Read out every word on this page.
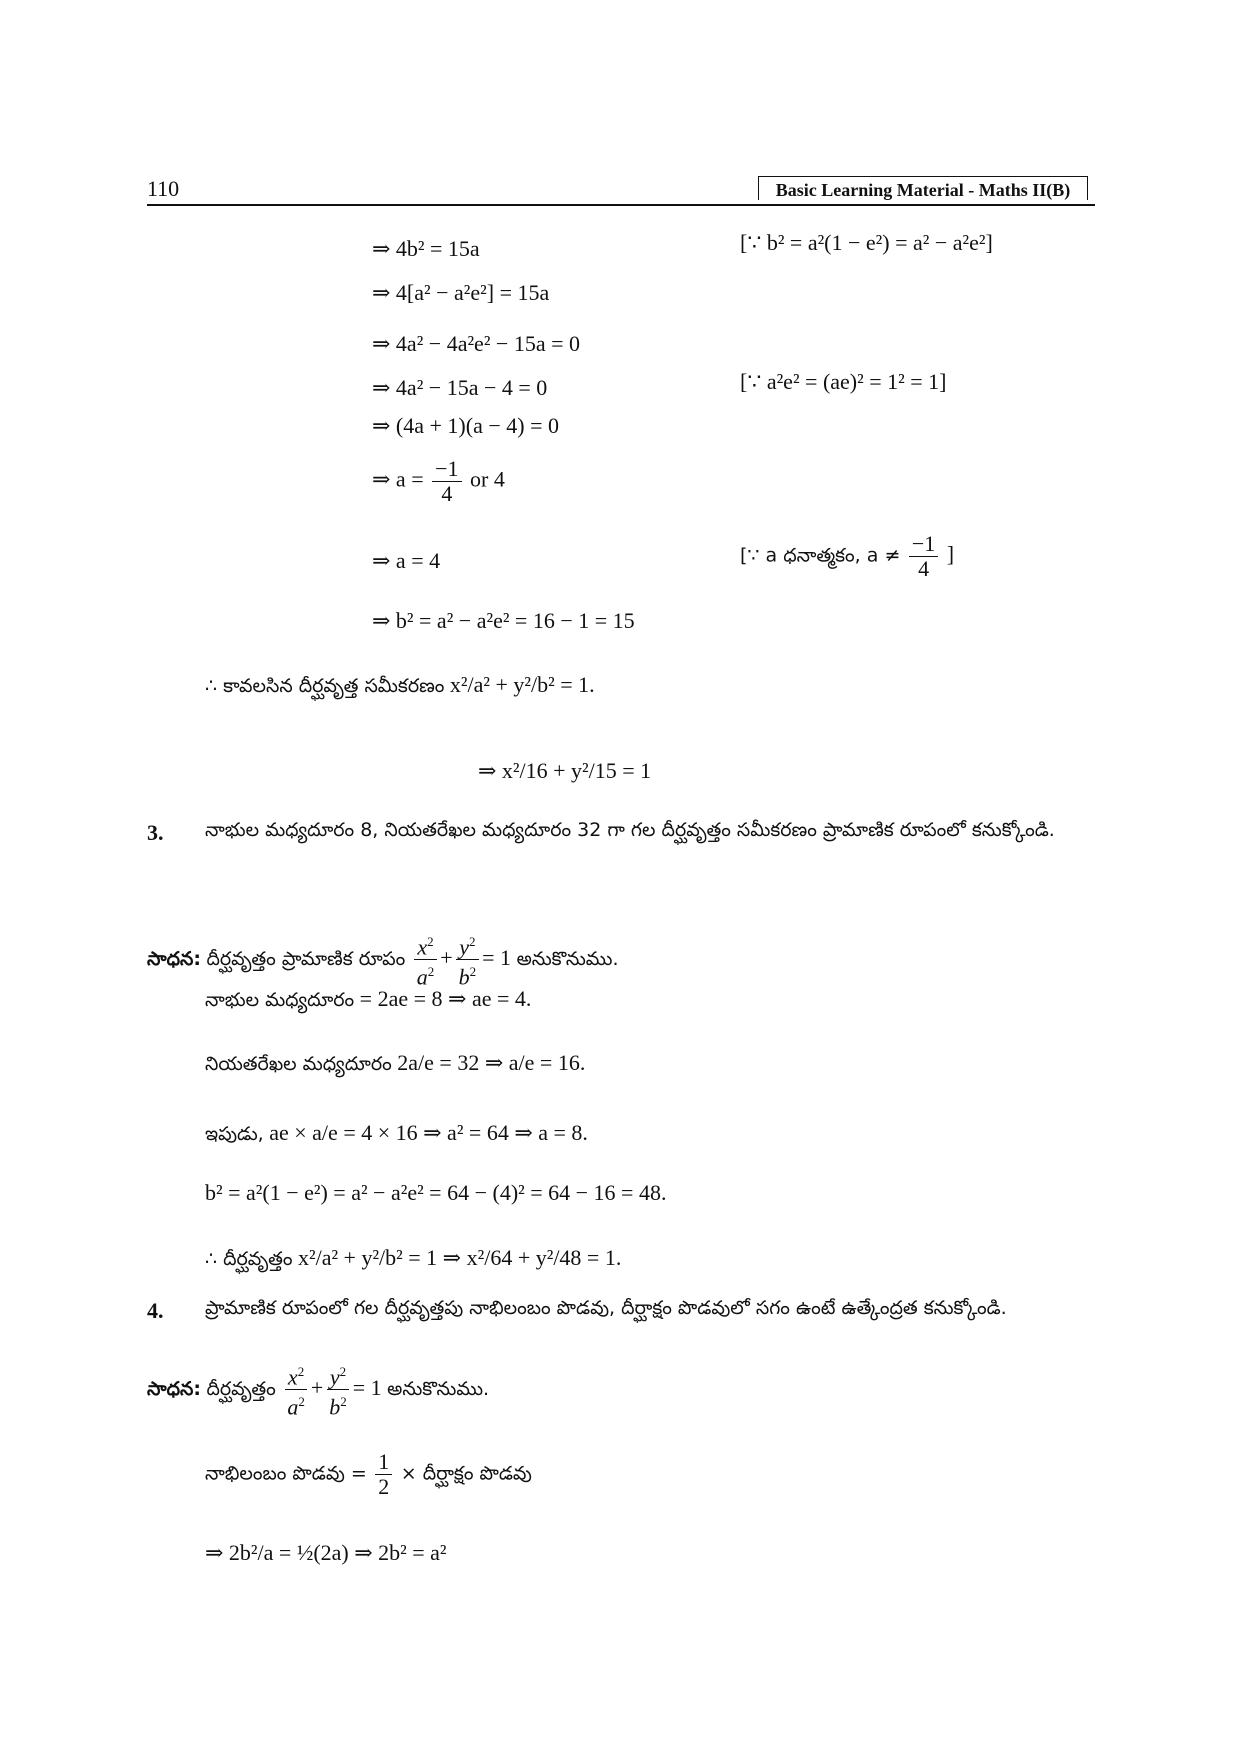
110	Basic Learning Material - Maths II(B)
⇒ 4b² = 15a	[∵ b² = a²(1 − e²) = a² − a²e²]
⇒ 4[a² − a²e²] = 15a
⇒ 4a² − 4a²e² − 15a = 0
⇒ 4a² − 15a − 4 = 0	[∵ a²e² = (ae)² = 1² = 1]
⇒ (4a + 1)(a − 4) = 0
⇒ $a = \frac{-1}{4}$ or 4
⇒ a = 4	[∵ a ధనాత్మకం, $a \ne \frac{-1}{4}$ ]
⇒ b² = a² − a²e² = 16 − 1 = 15
∴ కావలసిన దీర్ఘవృత్త సమీకరణం x²/a² + y²/b² = 1.
⇒ x²/16 + y²/15 = 1
3. నాభుల మధ్యదూరం 8, నియతరేఖల మధ్యదూరం 32 గా గల దీర్ఘవృత్తం సమీకరణం ప్రామాణిక రూపంలో కనుక్కోండి.
సాధన: దీర్ఘవృత్తం ప్రామాణిక రూపం $\frac{x^2}{a^2} + \frac{y^2}{b^2} = 1$ అనుకొనుము.
నాభుల మధ్యదూరం = 2ae = 8 ⇒ ae = 4.
నియతరేఖల మధ్యదూరం 2a/e = 32 ⇒ a/e = 16.
ఇపుడు, ae × a/e = 4 × 16 ⇒ a² = 64 ⇒ a = 8.
b² = a²(1 − e²) = a² − a²e² = 64 − (4)² = 64 − 16 = 48.
∴ దీర్ఘవృత్తం x²/a² + y²/b² = 1 ⇒ x²/64 + y²/48 = 1.
4. ప్రామాణిక రూపంలో గల దీర్ఘవృత్తపు నాభిలంబం పొడవు, దీర్ఘాక్షం పొడవులో సగం ఉంటే ఉత్కేంద్రత కనుక్కోండి.
సాధన: దీర్ఘవృత్తం $\frac{x^2}{a^2} + \frac{y^2}{b^2} = 1$ అనుకొనుము.
నాభిలంబం పొడవు = $\frac{1}{2}$ × దీర్ఘాక్షం పొడవు
⇒ 2b²/a = ½(2a) ⇒ 2b² = a²
